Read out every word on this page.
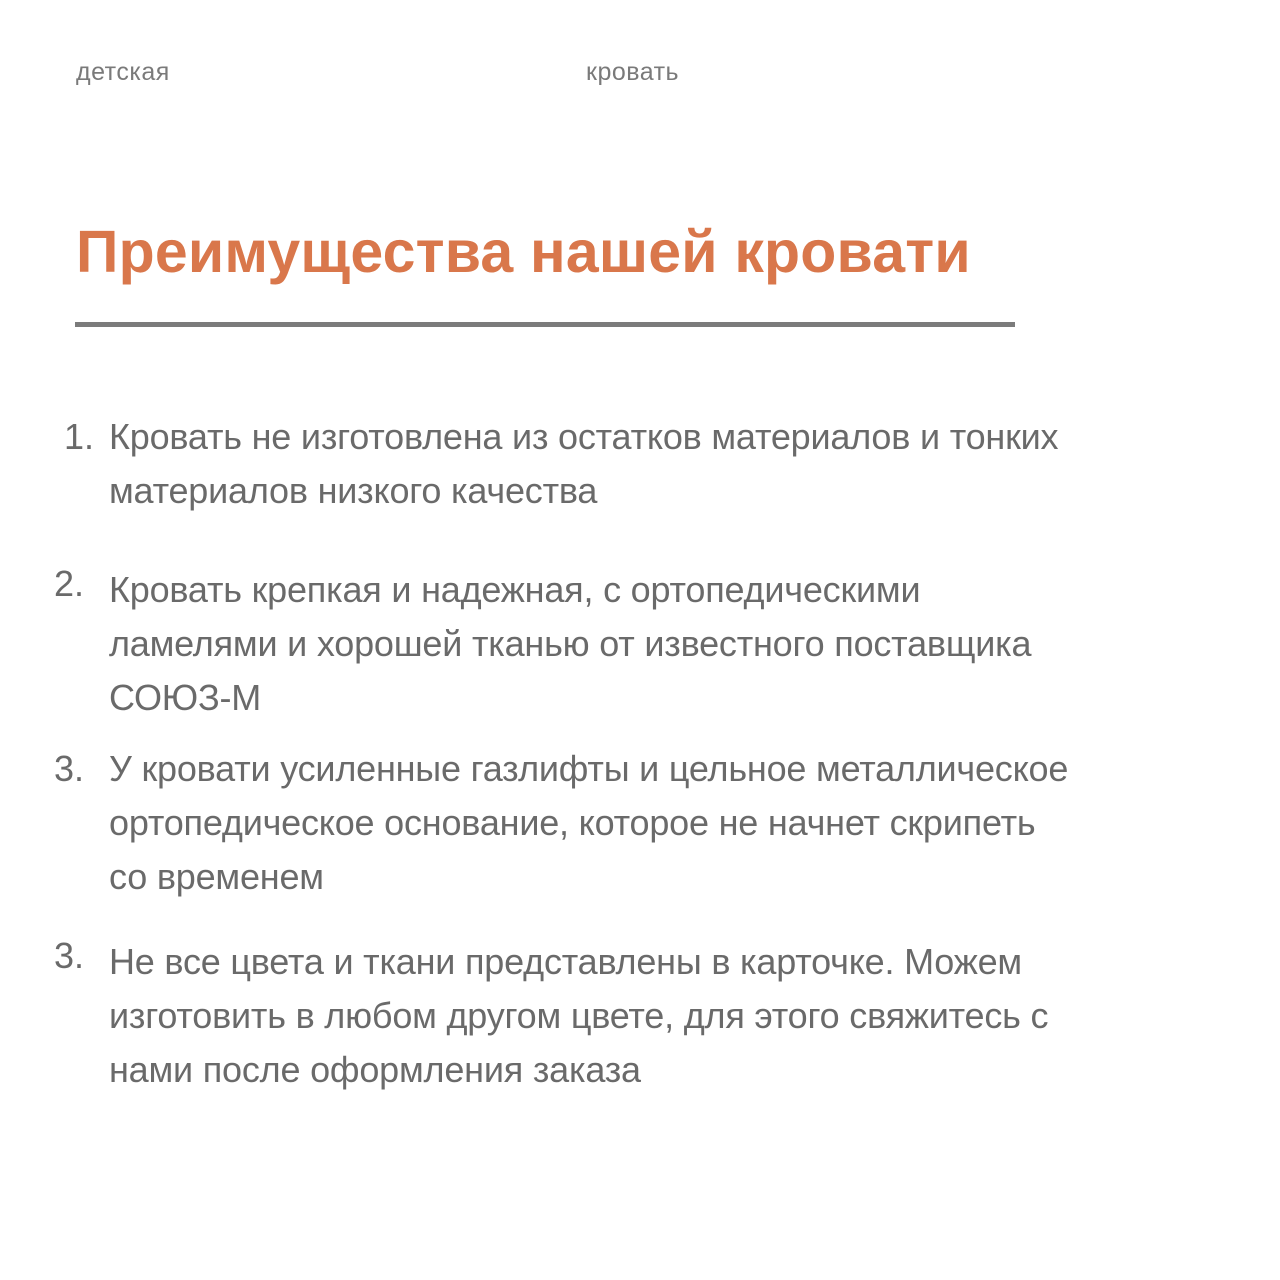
детская	кровать
Преимущества нашей кровати
1. Кровать не изготовлена из остатков материалов и тонких
материалов низкого качества
2. Кровать крепкая и надежная, с ортопедическими
ламелями и хорошей тканью от известного поставщика
СОЮЗ-М
3. У кровати усиленные газлифты и цельное металлическое
ортопедическое основание, которое не начнет скрипеть
со временем
3. Не все цвета и ткани представлены в карточке. Можем
изготовить в любом другом цвете, для этого свяжитесь с
нами после оформления заказа
